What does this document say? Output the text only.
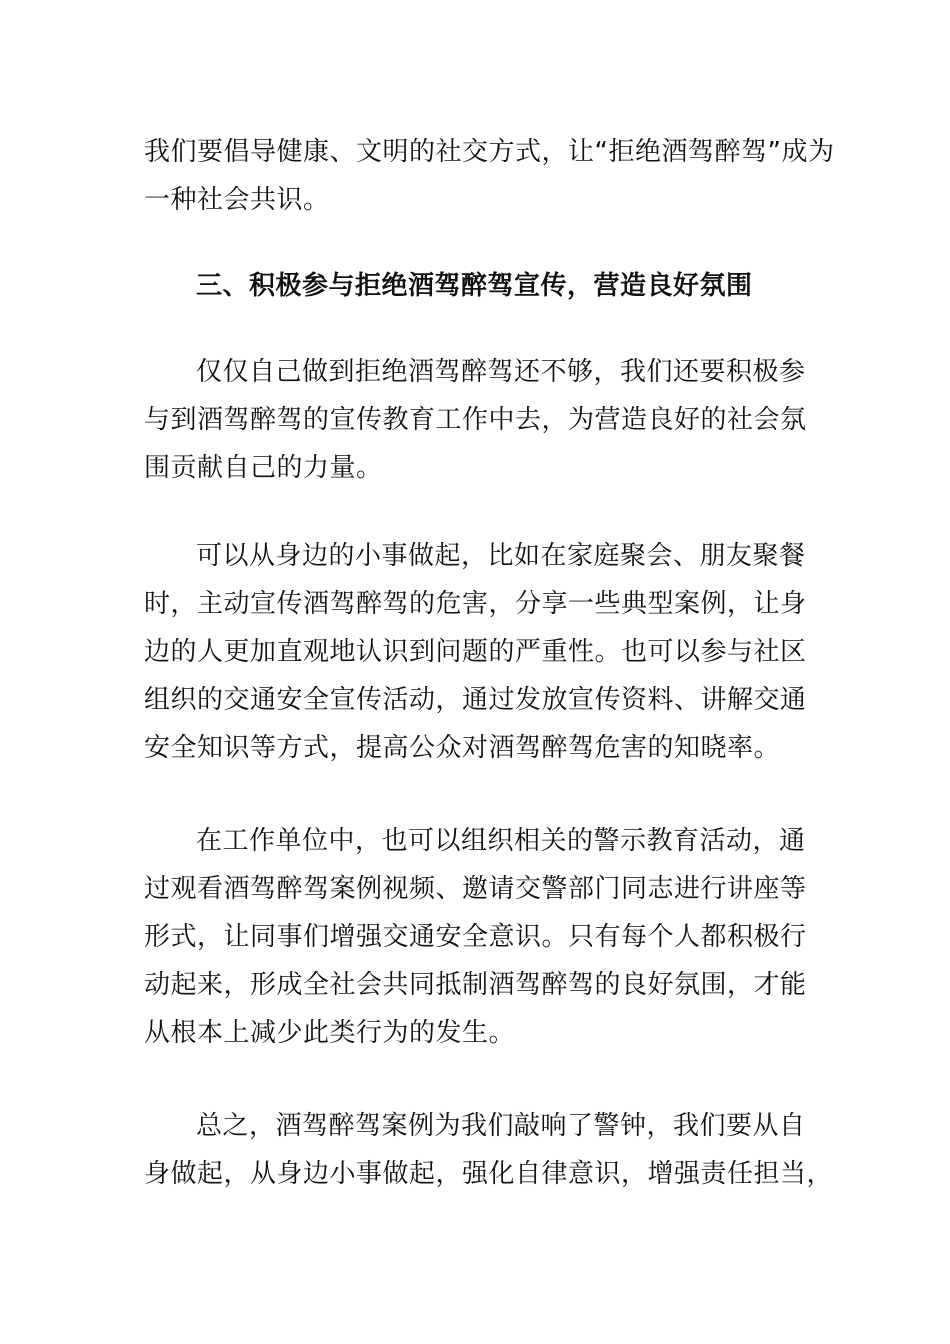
我们要倡导健康、文明的社交方式，让“拒绝酒驾醉驾”成为
一种社会共识。
三、积极参与拒绝酒驾醉驾宣传，营造良好氛围
仅仅自己做到拒绝酒驾醉驾还不够，我们还要积极参
与到酒驾醉驾的宣传教育工作中去，为营造良好的社会氛
围贡献自己的力量。
可以从身边的小事做起，比如在家庭聚会、朋友聚餐
时，主动宣传酒驾醉驾的危害，分享一些典型案例，让身
边的人更加直观地认识到问题的严重性。也可以参与社区
组织的交通安全宣传活动，通过发放宣传资料、讲解交通
安全知识等方式，提高公众对酒驾醉驾危害的知晓率。
在工作单位中，也可以组织相关的警示教育活动，通
过观看酒驾醉驾案例视频、邀请交警部门同志进行讲座等
形式，让同事们增强交通安全意识。只有每个人都积极行
动起来，形成全社会共同抵制酒驾醉驾的良好氛围，才能
从根本上减少此类行为的发生。
总之，酒驾醉驾案例为我们敲响了警钟，我们要从自
身做起，从身边小事做起，强化自律意识，增强责任担当，
